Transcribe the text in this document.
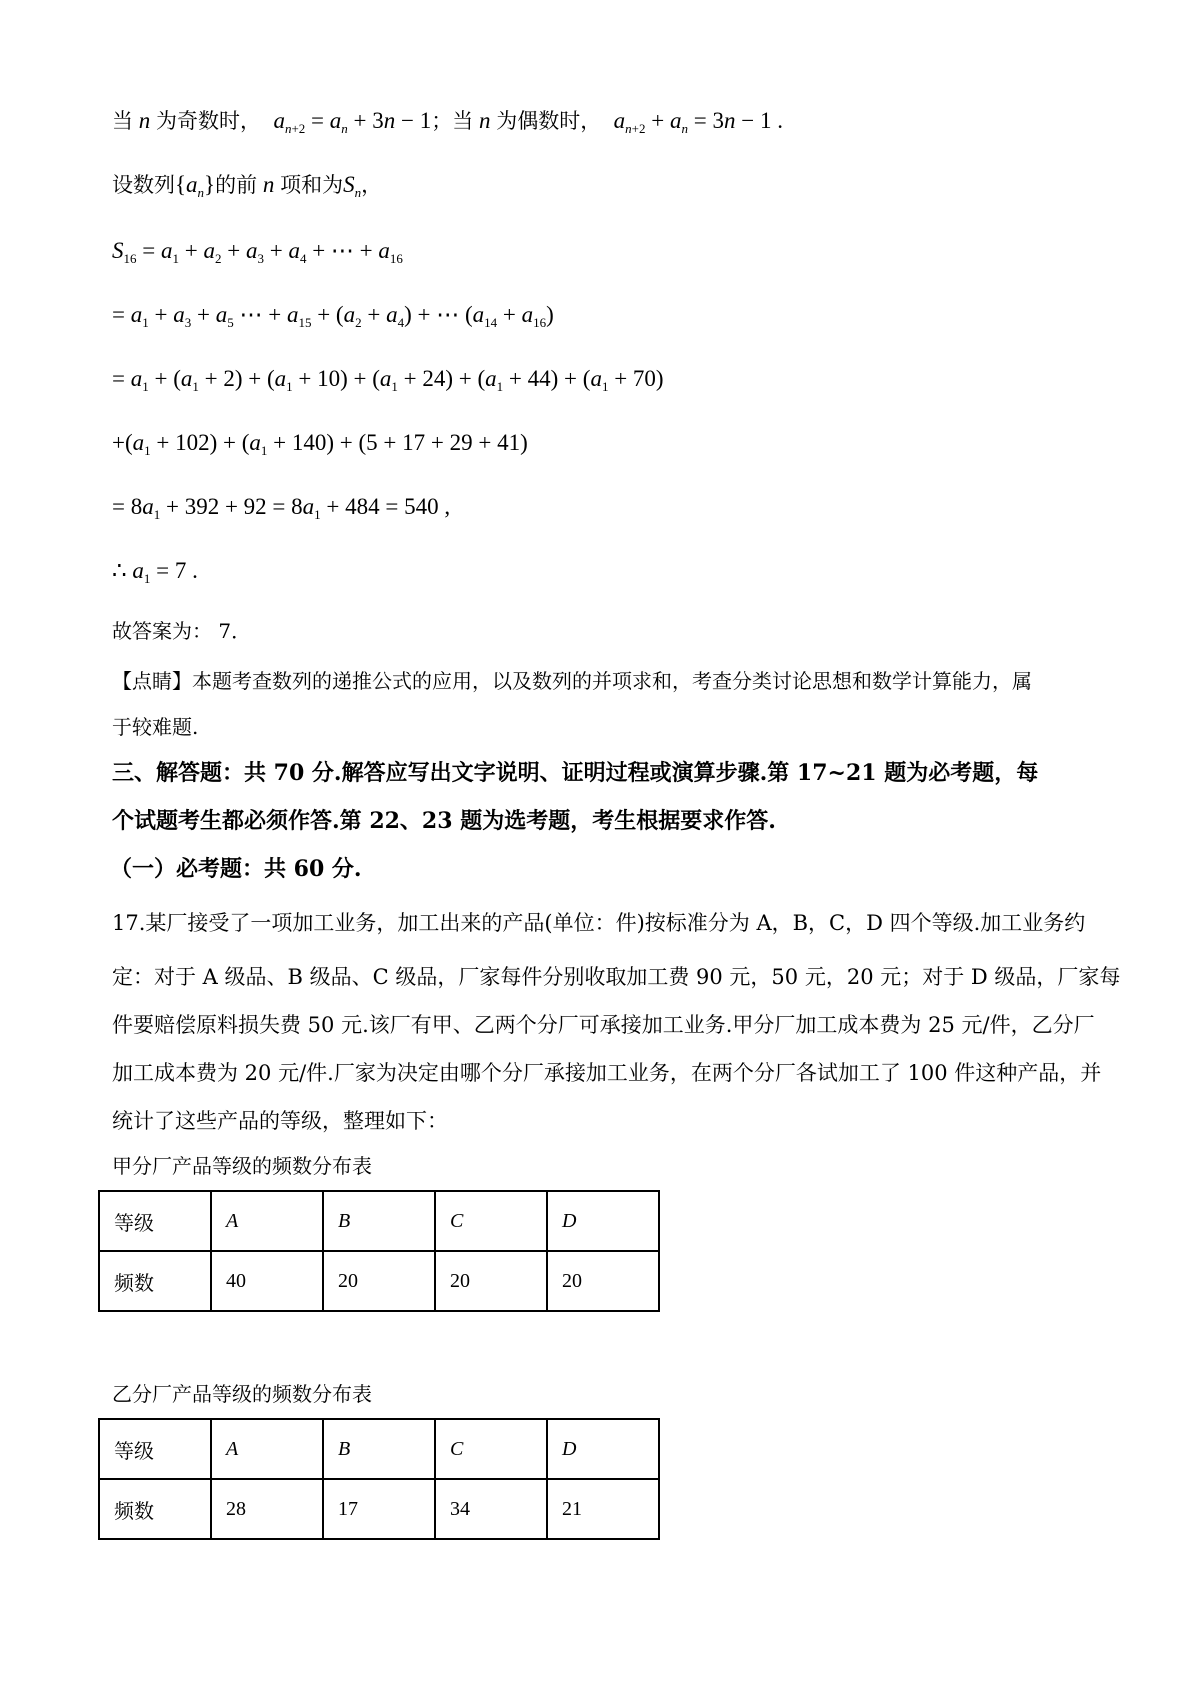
当 n 为奇数时， $a_{n+2} = a_n + 3n - 1$；当 n 为偶数时， $a_{n+2} + a_n = 3n - 1$ .
设数列$\{a_n\}$的前 n 项和为$S_n$，
$S_{16} = a_1 + a_2 + a_3 + a_4$ + ⋯ + $a_{16}$
= $a_1 + a_3 + a_5$ ⋯ + $a_{15} + (a_2 + a_4)$ + ⋯ $(a_{14} + a_{16})$
= $a_1 + (a_1 + 2) + (a_1 + 10) + (a_1 + 24) + (a_1 + 44) + (a_1 + 70)$
$+(a_1 + 102) + (a_1 + 140) + (5 + 17 + 29 + 41)$
= $8a_1 + 392 + 92 = 8a_1 + 484 = 540$ ,
∴ $a_1 = 7$ .
故答案为： 7．
【点睛】本题考查数列的递推公式的应用，以及数列的并项求和，考查分类讨论思想和数学计算能力，属
于较难题.
三、解答题：共 70 分.解答应写出文字说明、证明过程或演算步骤.第 17~21 题为必考题，每
个试题考生都必须作答.第 22、23 题为选考题，考生根据要求作答.
（一）必考题：共 60 分.
17.某厂接受了一项加工业务，加工出来的产品(单位：件)按标准分为 A，B，C，D 四个等级.加工业务约
定：对于 A 级品、B 级品、C 级品，厂家每件分别收取加工费 90 元，50 元，20 元；对于 D 级品，厂家每
件要赔偿原料损失费 50 元.该厂有甲、乙两个分厂可承接加工业务.甲分厂加工成本费为 25 元/件，乙分厂
加工成本费为 20 元/件.厂家为决定由哪个分厂承接加工业务，在两个分厂各试加工了 100 件这种产品，并
统计了这些产品的等级，整理如下：
甲分厂产品等级的频数分布表
等级	A	B	C	D
频数	40	20	20	20
乙分厂产品等级的频数分布表
等级	A	B	C	D
频数	28	17	34	21
